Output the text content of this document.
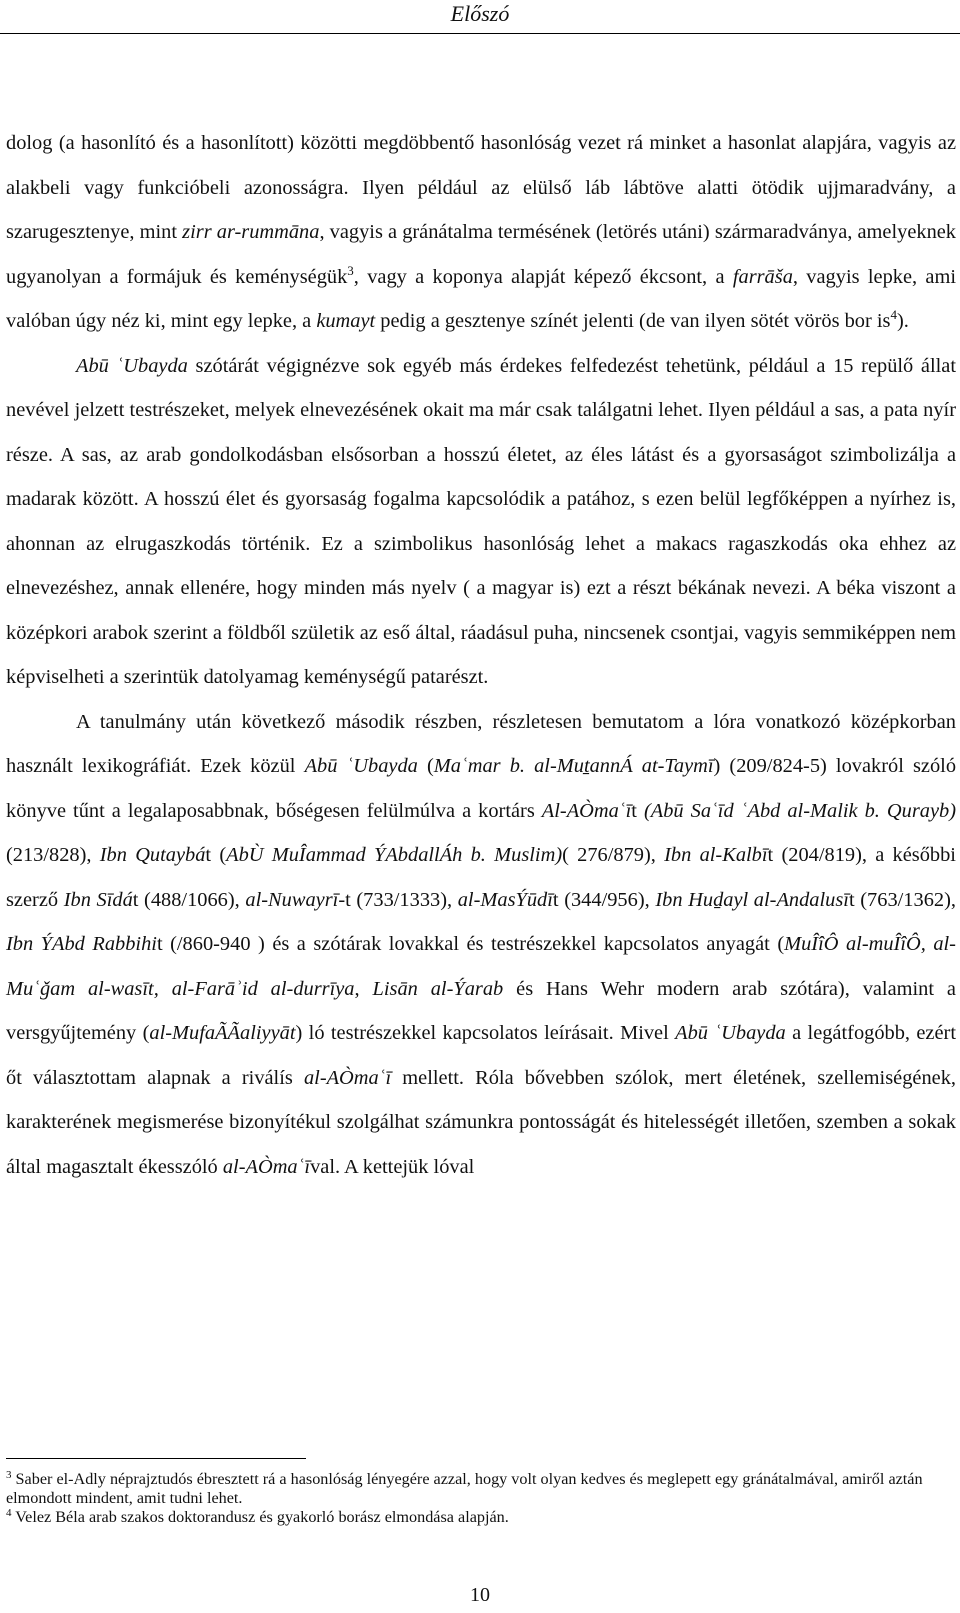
Előszó

dolog (a hasonlító és a hasonlított) közötti megdöbbentő hasonlóság vezet rá minket a hasonlat alapjára, vagyis az alakbeli vagy funkcióbeli azonosságra. Ilyen például az elülső láb lábtöve alatti ötödik ujjmaradvány, a szarugesztenye, mint zirr ar-rummāna, vagyis a gránátalma termésének (letörés utáni) szármaradványa, amelyeknek ugyanolyan a formájuk és keménységük$^3$, vagy a koponya alapját képező ékcsont, a farrāša, vagyis lepke, ami valóban úgy néz ki, mint egy lepke, a kumayt pedig a gesztenye színét jelenti (de van ilyen sötét vörös bor $is^4$).

Abū ʿUbayda szótárát végignézve sok egyéb más érdekes felfedezést tehetünk, például a 15 repülő állat nevével jelzett testrészeket, melyek elnevezésének okait ma már csak találgatni lehet. Ilyen például a sas, a pata nyír része. A sas, az arab gondolkodásban elsősorban a hosszú életet, az éles látást és a gyorsaságot szimbolizálja a madarak között. A hosszú élet és gyorsaság fogalma kapcsolódik a patához, s ezen belül legfőképpen a nyírhez is, ahonnan az elrugaszkodás történik. Ez a szimbolikus hasonlóság lehet a makacs ragaszkodás oka ehhez az elnevezéshez, annak ellenére, hogy minden más nyelv ( a magyar is) ezt a részt békának nevezi. A béka viszont a középkori arabok szerint a földből születik az eső által, ráadásul puha, nincsenek csontjai, vagyis semmiképpen nem képviselheti a szerintük datolyamag keménységű patarészt.

A tanulmány után következő második részben, részletesen bemutatom a lóra vonatkozó középkorban használt lexikográfiát. Ezek közül Abū ʿUbayda (Maʿmar b. al-MuṯannÁ at-Taymī) (209/824-5) lovakról szóló könyve tűnt a legalaposabbnak, bőségesen felülmúlva a kortárs Al-AÒmaʿīt (Abū Saʿīd ʿAbd al-Malik b. Qurayb)(213/828), Ibn Qutaybát (AbÙ MuÎammad ÝAbdallÁh b. Muslim)( 276/879), Ibn al-Kalbīt (204/819), a későbbi szerző Ibn Sīdát (488/1066), al-Nuwayrī-t (733/1333), al-MasÝūdīt (344/956), Ibn Huḏayl al-Andalusīt (763/1362), Ibn ÝAbd Rabbihit (/860-940 ) és a szótárak lovakkal és testrészekkel kapcsolatos anyagát (MuÎîÔ al-muÎîÔ, al-Muʿǧam al-wasīt, al-Farāʾid al-durrīya, Lisān al-Ýarab és Hans Wehr modern arab szótára), valamint a versgyűjtemény (al-MufaÃÃaliyyāt) ló testrészekkel kapcsolatos leírásait. Mivel Abū ʿUbayda a legátfogóbb, ezért őt választottam alapnak a riválís al-AÒmaʿī mellett. Róla bővebben szólok, mert életének, szellemiségének, karakterének megismerése bizonyítékul szolgálhat számunkra pontosságát és hitelességét illetően, szemben a sokak által magasztalt ékesszóló al-AÒmaʿīval. A kettejük lóval

$^3$ Saber el-Adly néprajztudós ébresztett rá a hasonlóság lényegére azzal, hogy volt olyan kedves és meglepett egy gránátalmával, amiről aztán elmondott mindent, amit tudni lehet.

$^4$ Velez Béla arab szakos doktorandusz és gyakorló borász elmondása alapján.

10
